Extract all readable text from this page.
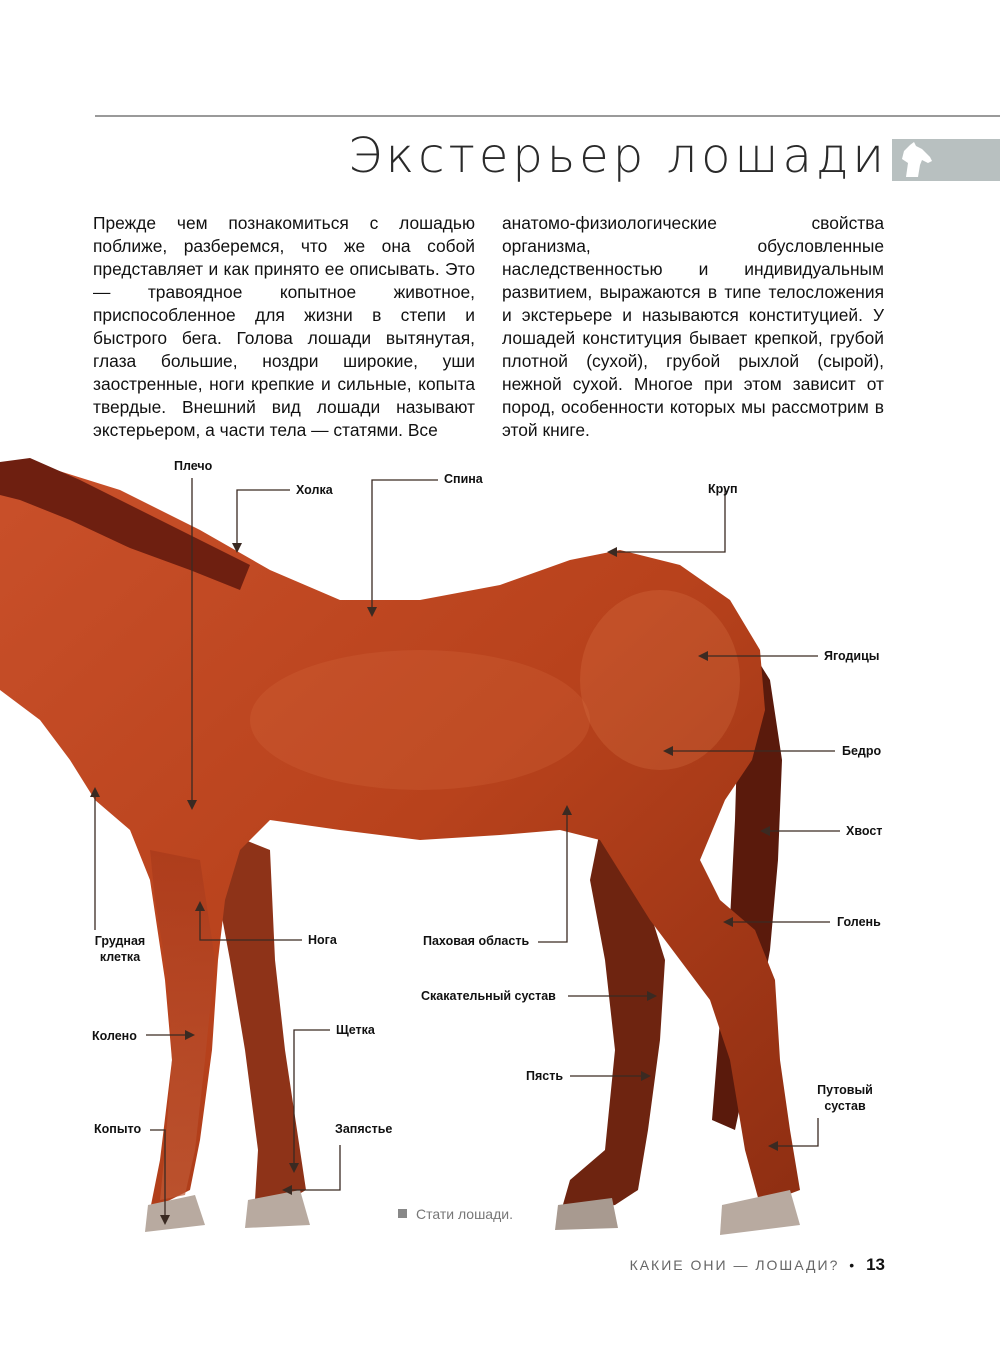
Экстерьер лошади

Прежде чем познакомиться с лошадью поближе, разберемся, что же она собой представляет и как принято ее описывать. Это — травоядное копытное животное, приспособленное для жизни в степи и быстрого бега. Голова лошади вытянутая, глаза большие, ноздри широкие, уши заостренные, ноги крепкие и сильные, копыта твердые. Внешний вид лошади называют экстерьером, а части тела — статями. Все

анатомо-физиологические свойства организма, обусловленные наследственностью и индивидуальным развитием, выражаются в типе телосложения и экстерьере и называются конституцией. У лошадей конституция бывает крепкой, грубой плотной (сухой), грубой рыхлой (сырой), нежной сухой. Многое при этом зависит от пород, особенности которых мы рассмотрим в этой книге.

Плечо
Холка
Спина
Круп
Ягодицы
Бедро
Хвост
Голень
Грудная клетка
Нога	Паховая область
Скакательный сустав
Колено	Щетка
Пясть
Путовый сустав
Копыто	Запястье
Стати лошади.
КАКИЕ ОНИ — ЛОШАДИ? • 13
